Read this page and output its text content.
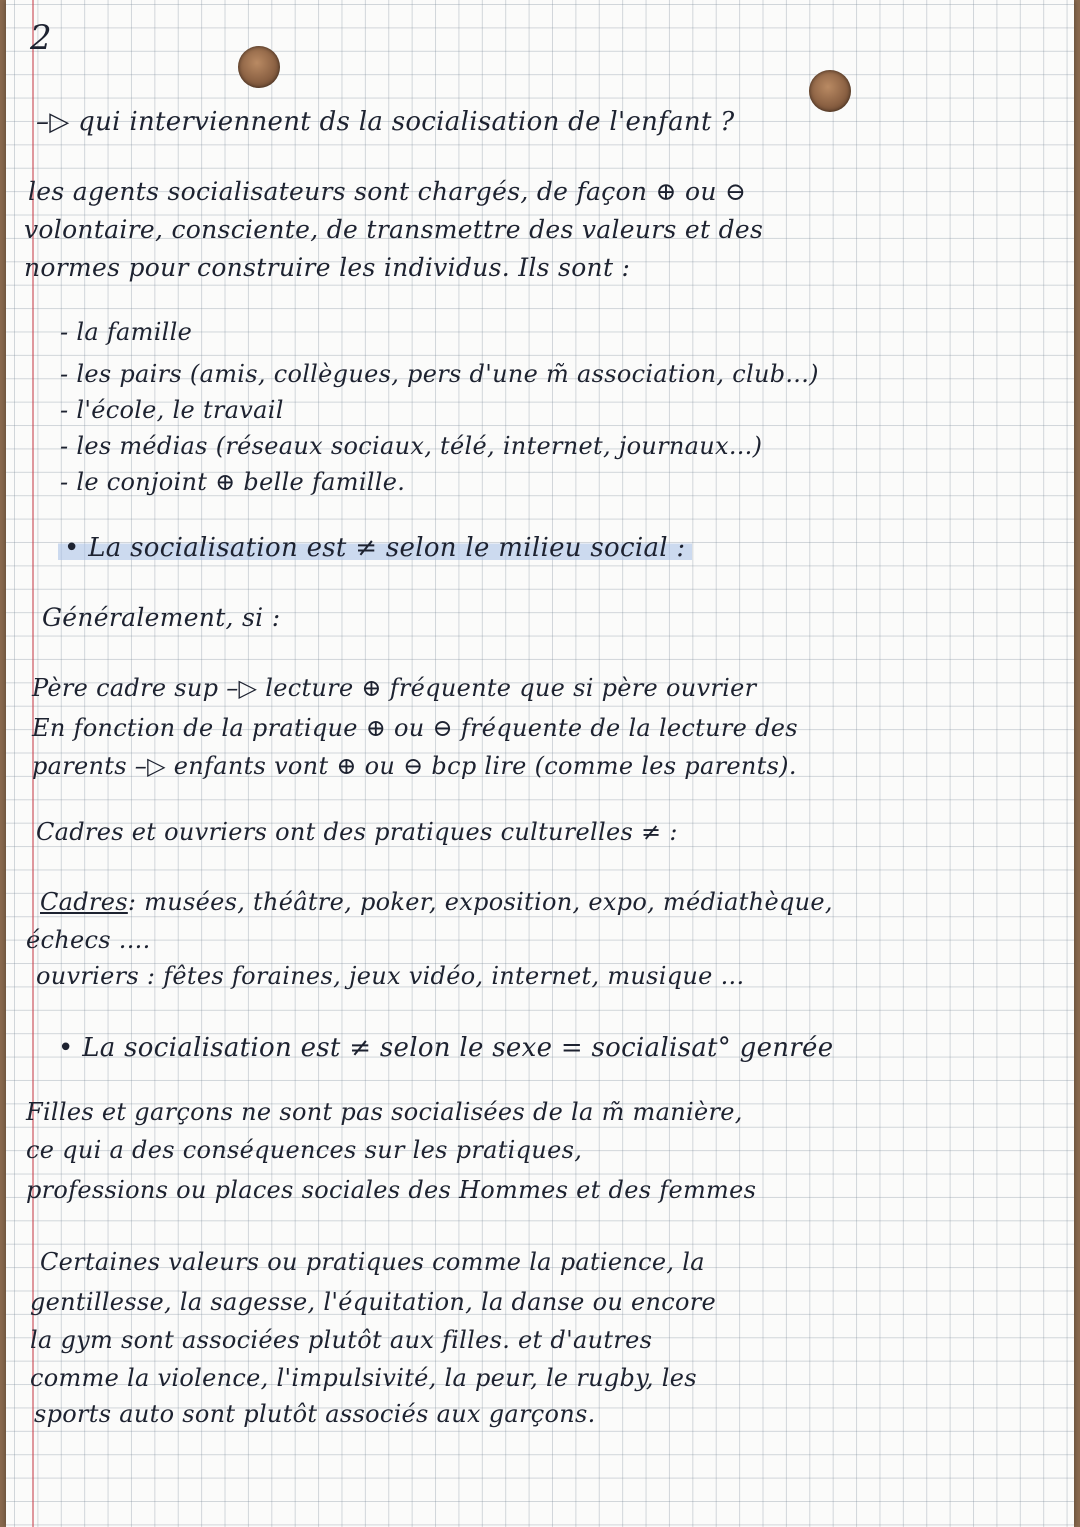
2
–▷ qui interviennent ds la socialisation de l'enfant ?
les agents socialisateurs sont chargés, de façon ⊕ ou ⊖
volontaire, consciente, de transmettre des valeurs et des
normes pour construire les individus. Ils sont :
- la famille
- les pairs (amis, collègues, pers d'une m̃ association, club...)
- l'école, le travail
- les médias (réseaux sociaux, télé, internet, journaux...)
- le conjoint ⊕ belle famille.
• La socialisation est ≠ selon le milieu social :
Généralement, si :
Père cadre sup –▷ lecture ⊕ fréquente que si père ouvrier
En fonction de la pratique ⊕ ou ⊖ fréquente de la lecture des
parents –▷ enfants vont ⊕ ou ⊖ bcp lire (comme les parents).
Cadres et ouvriers ont des pratiques culturelles ≠ :
Cadres: musées, théâtre, poker, exposition, expo, médiathèque,
échecs ....
ouvriers : fêtes foraines, jeux vidéo, internet, musique ...
• La socialisation est ≠ selon le sexe = socialisat° genrée
Filles et garçons ne sont pas socialisées de la m̃ manière,
ce qui a des conséquences sur les pratiques,
professions ou places sociales des Hommes et des femmes
Certaines valeurs ou pratiques comme la patience, la
gentillesse, la sagesse, l'équitation, la danse ou encore
la gym sont associées plutôt aux filles. et d'autres
comme la violence, l'impulsivité, la peur, le rugby, les
sports auto sont plutôt associés aux garçons.
